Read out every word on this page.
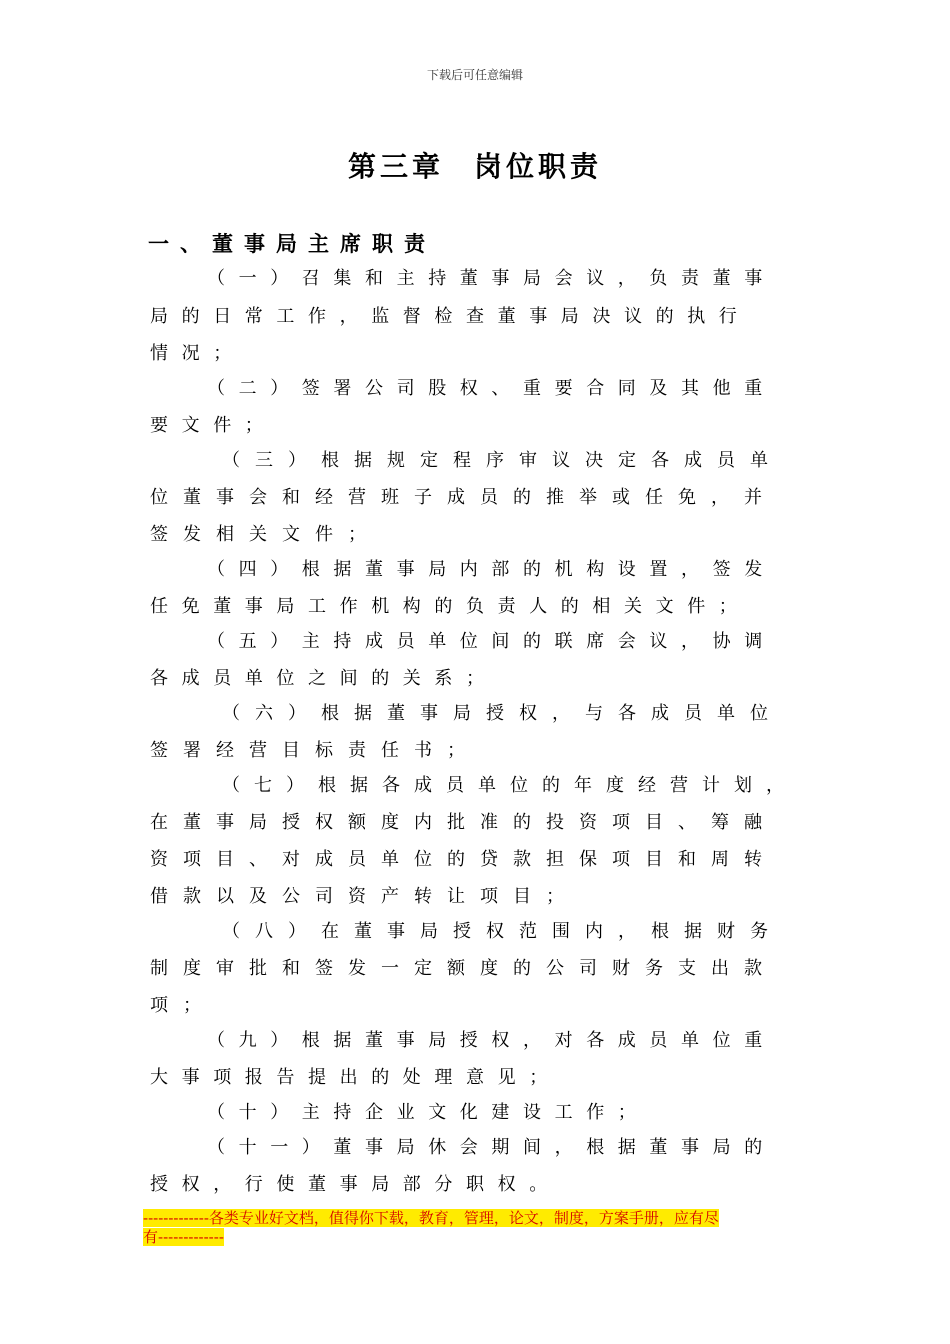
下载后可任意编辑
第三章 岗位职责
一、董事局主席职责
（一）召集和主持董事局会议，负责董事
局的日常工作，监督检查董事局决议的执行
情况；
（二）签署公司股权、重要合同及其他重
要文件；
（三）根据规定程序审议决定各成员单
位董事会和经营班子成员的推举或任免，并
签发相关文件；
（四）根据董事局内部的机构设置，签发
任免董事局工作机构的负责人的相关文件；
（五）主持成员单位间的联席会议，协调
各成员单位之间的关系；
（六）根据董事局授权，与各成员单位
签署经营目标责任书；
（七）根据各成员单位的年度经营计划，
在董事局授权额度内批准的投资项目、筹融
资项目、对成员单位的贷款担保项目和周转
借款以及公司资产转让项目；
（八）在董事局授权范围内，根据财务
制度审批和签发一定额度的公司财务支出款
项；
（九）根据董事局授权，对各成员单位重
大事项报告提出的处理意见；
（十）主持企业文化建设工作；
（十一）董事局休会期间，根据董事局的
授权，行使董事局部分职权。
-------------各类专业好文档，值得你下载，教育，管理，论文，制度，方案手册，应有尽
有-------------
